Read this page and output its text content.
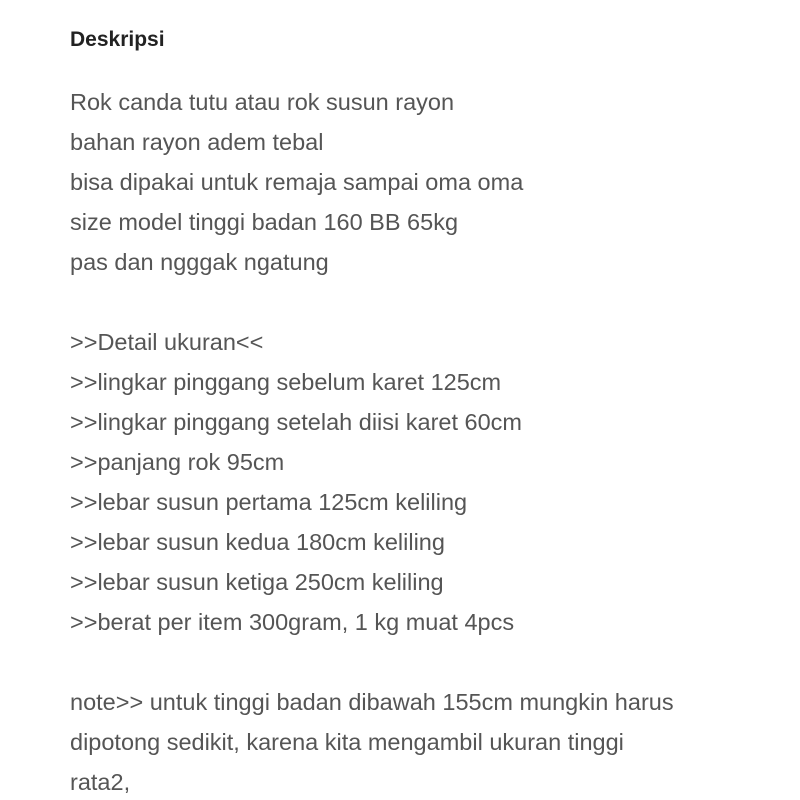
Deskripsi
Rok canda tutu atau rok susun rayon
bahan rayon adem tebal
bisa dipakai untuk remaja sampai oma oma
size model tinggi badan 160 BB 65kg
pas dan ngggak ngatung
>>Detail ukuran<<
>>lingkar pinggang sebelum karet 125cm
>>lingkar pinggang setelah diisi karet 60cm
>>panjang rok 95cm
>>lebar susun pertama 125cm keliling
>>lebar susun kedua 180cm keliling
>>lebar susun ketiga 250cm keliling
>>berat per item 300gram, 1 kg muat 4pcs
note>> untuk tinggi badan dibawah 155cm mungkin harus
dipotong sedikit, karena kita mengambil ukuran tinggi
rata2,
